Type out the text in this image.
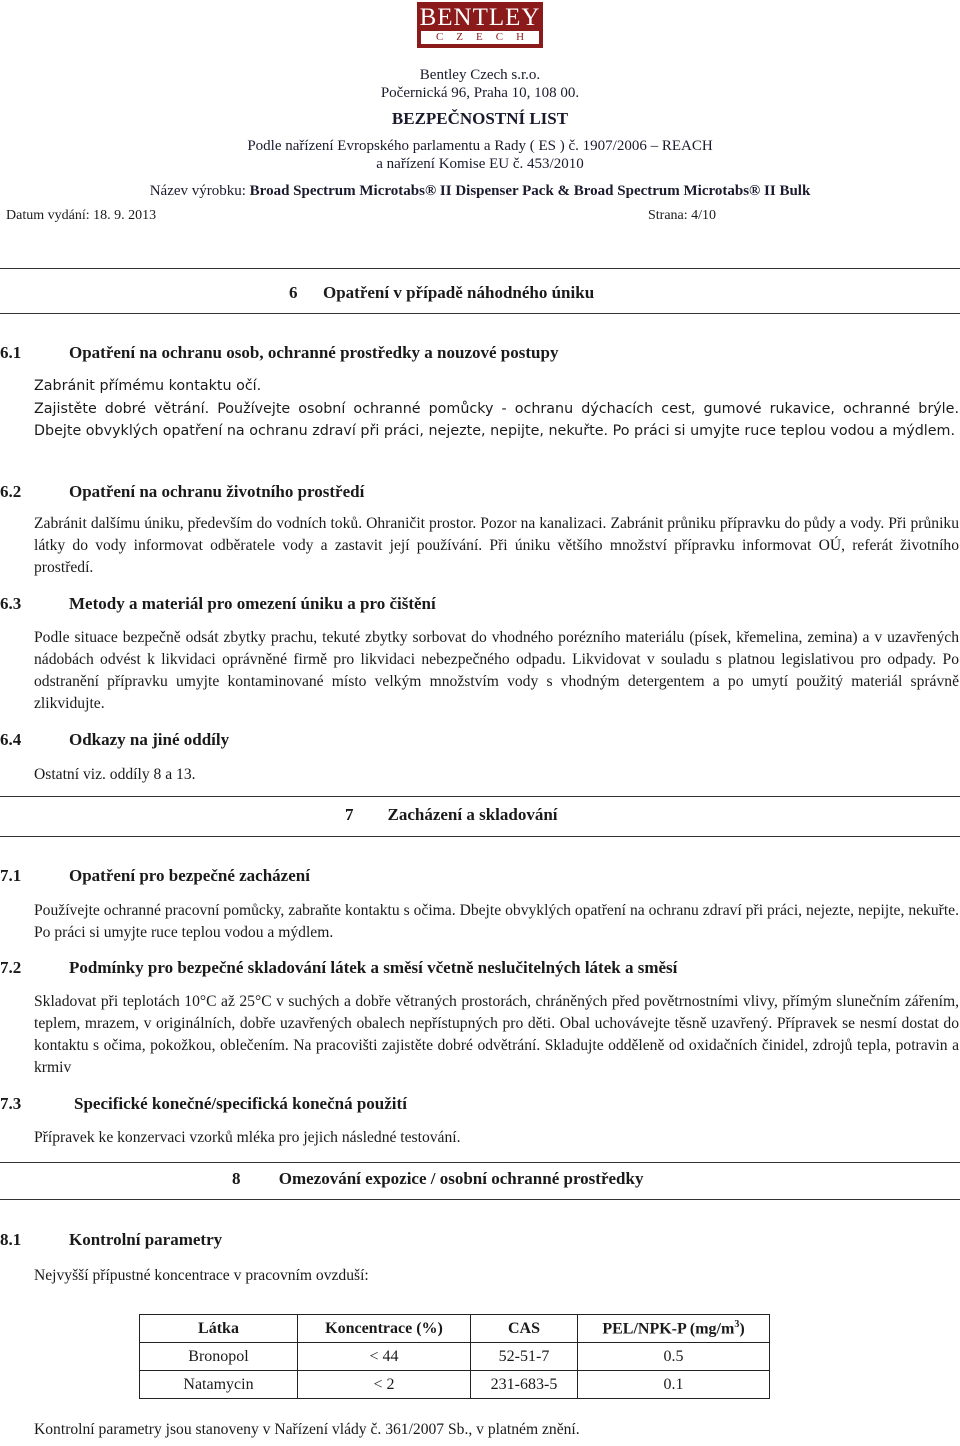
BENTLEY
CZECH
Bentley Czech s.r.o.
Počernická 96, Praha 10, 108 00.
BEZPEČNOSTNÍ LIST
Podle nařízení Evropského parlamentu a Rady ( ES ) č. 1907/2006 – REACH
a nařízení Komise EU č. 453/2010
Název výrobku: Broad Spectrum Microtabs® II Dispenser Pack & Broad Spectrum Microtabs® II Bulk
Datum vydání: 18. 9. 2013	Strana: 4/10
6 Opatření v případě náhodného úniku
6.1	Opatření na ochranu osob, ochranné prostředky a nouzové postupy
Zabránit přímému kontaktu očí.
Zajistěte dobré větrání. Používejte osobní ochranné pomůcky - ochranu dýchacích cest, gumové rukavice, ochranné brýle. Dbejte obvyklých opatření na ochranu zdraví při práci, nejezte, nepijte, nekuřte. Po práci si umyjte ruce teplou vodou a mýdlem.
6.2	Opatření na ochranu životního prostředí
Zabránit dalšímu úniku, především do vodních toků. Ohraničit prostor. Pozor na kanalizaci. Zabránit průniku přípravku do půdy a vody. Při průniku látky do vody informovat odběratele vody a zastavit její používání. Při úniku většího množství přípravku informovat OÚ, referát životního prostředí.
6.3	Metody a materiál pro omezení úniku a pro čištění
Podle situace bezpečně odsát zbytky prachu, tekuté zbytky sorbovat do vhodného porézního materiálu (písek, křemelina, zemina) a v uzavřených nádobách odvést k likvidaci oprávněné firmě pro likvidaci nebezpečného odpadu. Likvidovat v souladu s platnou legislativou pro odpady. Po odstranění přípravku umyjte kontaminované místo velkým množstvím vody s vhodným detergentem a po umytí použitý materiál správně zlikvidujte.
6.4	Odkazy na jiné oddíly
Ostatní viz. oddíly 8 a 13.
7 Zacházení a skladování
7.1	Opatření pro bezpečné zacházení
Používejte ochranné pracovní pomůcky, zabraňte kontaktu s očima. Dbejte obvyklých opatření na ochranu zdraví při práci, nejezte, nepijte, nekuřte. Po práci si umyjte ruce teplou vodou a mýdlem.
7.2	Podmínky pro bezpečné skladování látek a směsí včetně neslučitelných látek a směsí
Skladovat při teplotách 10°C až 25°C v suchých a dobře větraných prostorách, chráněných před povětrnostními vlivy, přímým slunečním zářením, teplem, mrazem, v originálních, dobře uzavřených obalech nepřístupných pro děti. Obal uchovávejte těsně uzavřený. Přípravek se nesmí dostat do kontaktu s očima, pokožkou, oblečením. Na pracovišti zajistěte dobré odvětrání. Skladujte odděleně od oxidačních činidel, zdrojů tepla, potravin a krmiv
7.3	Specifické konečné/specifická konečná použití
Přípravek ke konzervaci vzorků mléka pro jejich následné testování.
8 Omezování expozice / osobní ochranné prostředky
8.1	Kontrolní parametry
Nejvyšší přípustné koncentrace v pracovním ovzduší:
Látka	Koncentrace (%)	CAS	PEL/NPK-P $(mg/m^3)$
Bronopol	< 44	52-51-7	0.5
Natamycin	< 2	231-683-5	0.1
Kontrolní parametry jsou stanoveny v Nařízení vlády č. 361/2007 Sb., v platném znění.
